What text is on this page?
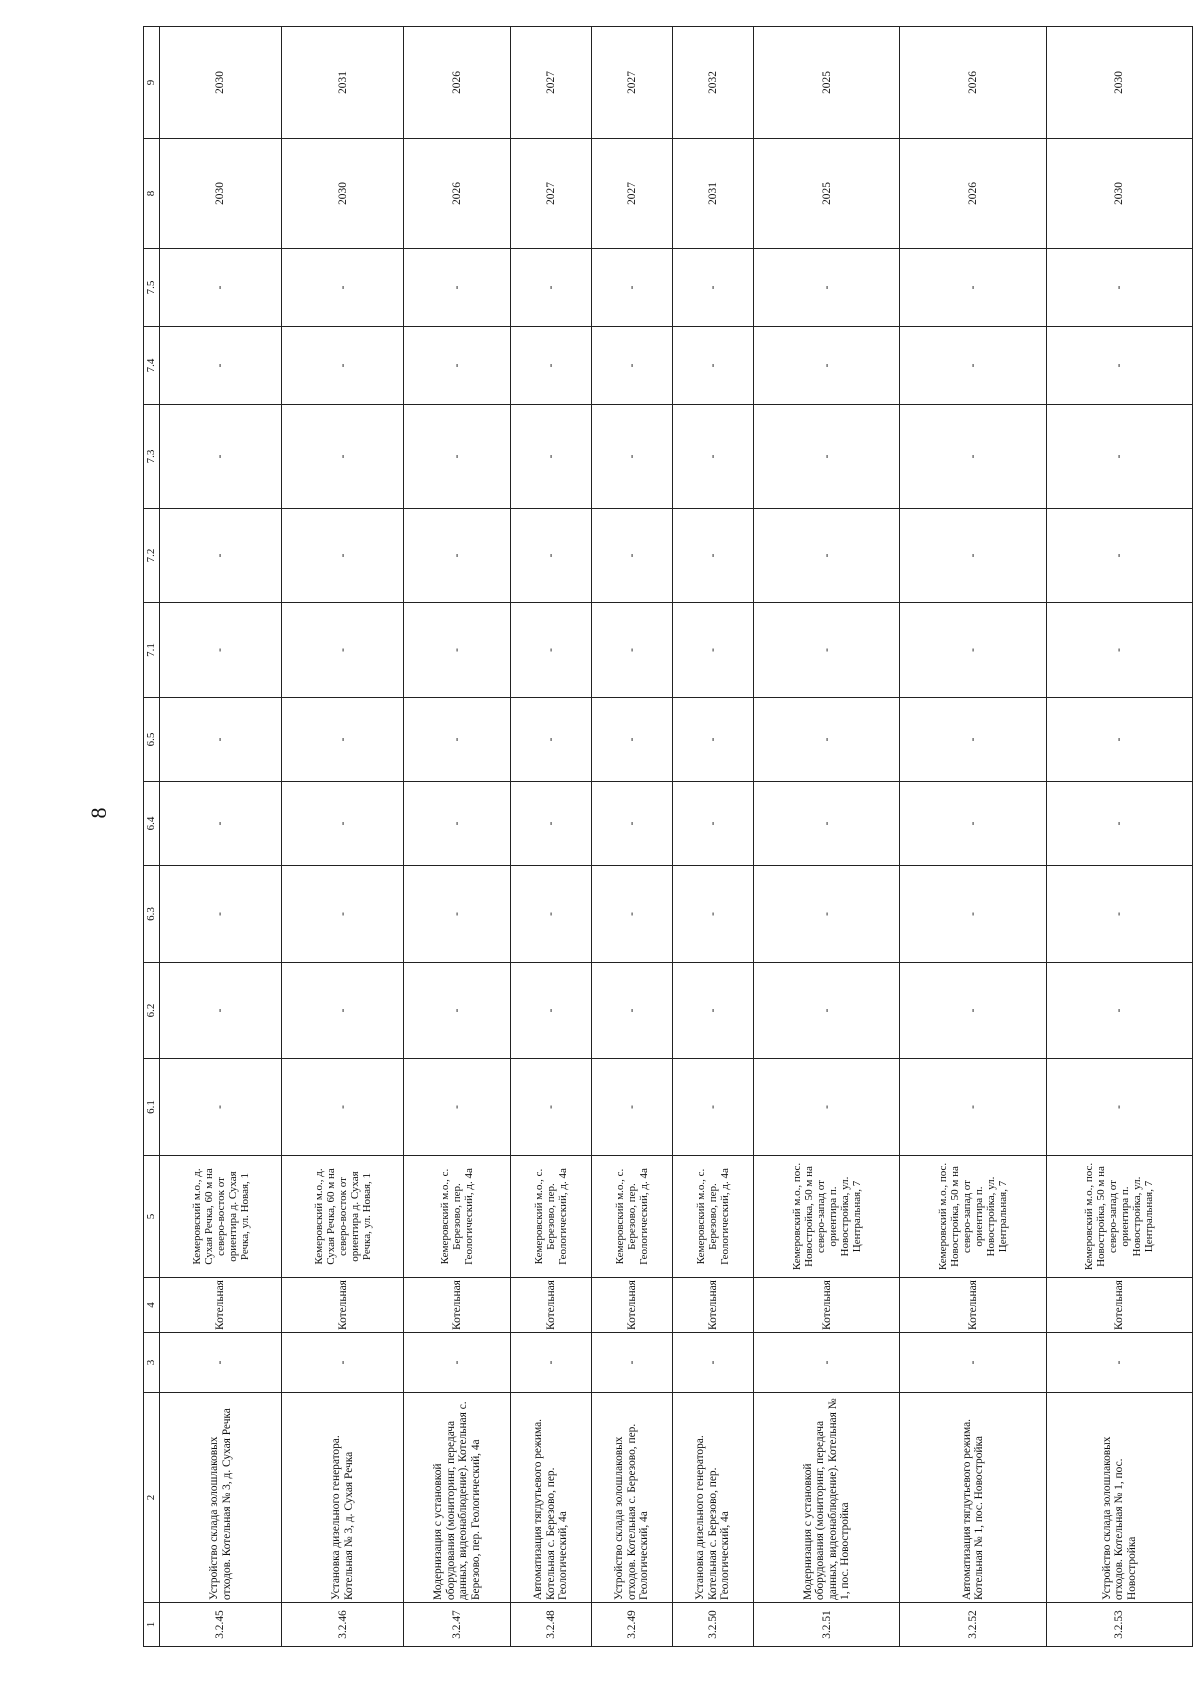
8
1	2	3	4	5	6.1	6.2	6.3	6.4	6.5	7.1	7.2	7.3	7.4	7.5	8	9
3.2.45	Устройство склада золошлаковых отходов. Котельная № 3, д. Сухая Речка	-	Котельная	Кемеровский м.о., д. Сухая Речка, 60 м на северо-восток от ориентира д. Сухая Речка, ул. Новая, 1	-	-	-	-	-	-	-	-	-	-	2030	2030
3.2.46	Установка дизельного генератора. Котельная № 3, д. Сухая Речка	-	Котельная	Кемеровский м.о., д. Сухая Речка, 60 м на северо-восток от ориентира д. Сухая Речка, ул. Новая, 1	-	-	-	-	-	-	-	-	-	-	2030	2031
3.2.47	Модернизация с установкой оборудования (мониторинг, передача данных, видеонаблюдение). Котельная с. Березово, пер. Геологический, 4а	-	Котельная	Кемеровский м.о., с. Березово, пер. Геологический, д. 4а	-	-	-	-	-	-	-	-	-	-	2026	2026
3.2.48	Автоматизация тягдутьевого режима. Котельная с. Березово, пер. Геологический, 4а	-	Котельная	Кемеровский м.о., с. Березово, пер. Геологический, д. 4а	-	-	-	-	-	-	-	-	-	-	2027	2027
3.2.49	Устройство склада золошлаковых отходов. Котельная с. Березово, пер. Геологический, 4а	-	Котельная	Кемеровский м.о., с. Березово, пер. Геологический, д. 4а	-	-	-	-	-	-	-	-	-	-	2027	2027
3.2.50	Установка дизельного генератора. Котельная с. Березово, пер. Геологический, 4а	-	Котельная	Кемеровский м.о., с. Березово, пер. Геологический, д. 4а	-	-	-	-	-	-	-	-	-	-	2031	2032
3.2.51	Модернизация с установкой оборудования (мониторинг, передача данных, видеонаблюдение). Котельная № 1, пос. Новостройка	-	Котельная	Кемеровский м.о., пос. Новостройка, 50 м на северо-запад от ориентира п. Новостройка, ул. Центральная, 7	-	-	-	-	-	-	-	-	-	-	2025	2025
3.2.52	Автоматизация тягдутьевого режима. Котельная № 1, пос. Новостройка	-	Котельная	Кемеровский м.о., пос. Новостройка, 50 м на северо-запад от ориентира п. Новостройка, ул. Центральная, 7	-	-	-	-	-	-	-	-	-	-	2026	2026
3.2.53	Устройство склада золошлаковых отходов. Котельная № 1, пос. Новостройка	-	Котельная	Кемеровский м.о., пос. Новостройка, 50 м на северо-запад от ориентира п. Новостройка, ул. Центральная, 7	-	-	-	-	-	-	-	-	-	-	2030	2030
